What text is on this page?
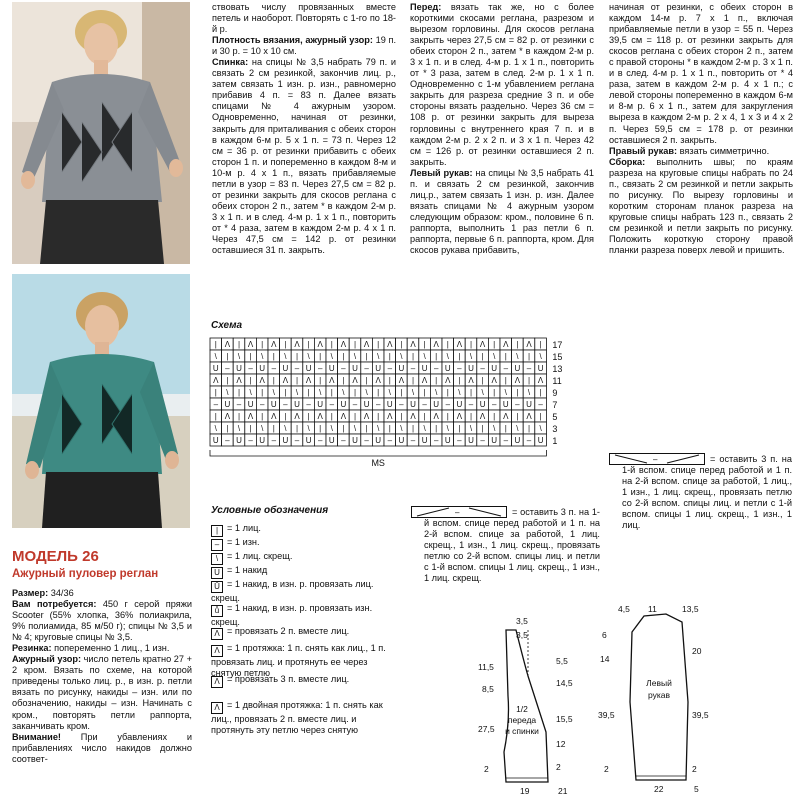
МОДЕЛЬ 26
Ажурный пуловер реглан

Размер: 34/36

Вам потребуется: 450 г серой пряжи Scooter (55% хлопка, 36% полиакрила, 9% полиамида, 85 м/50 г); спицы № 3,5 и № 4; круговые спицы № 3,5.

Резинка: попеременно 1 лиц., 1 изн.

Ажурный узор: число петель кратно 27 + 2 кром. Вязать по схеме, на которой приведены только лиц. р., в изн. р. петли вязать по рисунку, накиды – изн. или по обозначению, накиды – изн. Начинать с кром., повторять петли раппорта, заканчивать кром.

Внимание! При убавлениях и прибавлениях число накидов должно соответ-

ствовать числу провязанных вместе петель и наоборот. Повторять с 1-го по 18-й р.

Плотность вязания, ажурный узор: 19 п. и 30 р. = 10 х 10 см.

Спинка: на спицы № 3,5 набрать 79 п. и связать 2 см резинкой, закончив лиц. р., затем связать 1 изн. р. изн., равномерно прибавив 4 п. = 83 п. Далее вязать спицами № 4 ажурным узором. Одновременно, начиная от резинки, закрыть для приталивания с обеих сторон в каждом 6-м р. 5 х 1 п. = 73 п. Через 12 см = 36 р. от резинки прибавить с обеих сторон 1 п. и попеременно в каждом 8-м и 10-м р. 4 х 1 п., вязать прибавляемые петли в узор = 83 п. Через 27,5 см = 82 р. от резинки закрыть для скосов реглана с обеих сторон 2 п., затем * в каждом 2-м р. 3 х 1 п. и в след. 4-м р. 1 х 1 п., повторить от * 4 раза, затем в каждом 2-м р. 4 х 1 п. Через 47,5 см = 142 р. от резинки оставшиеся 31 п. закрыть.

Перед: вязать так же, но с более короткими скосами реглана, разрезом и вырезом горловины. Для скосов реглана закрыть через 27,5 см = 82 р. от резинки с обеих сторон 2 п., затем * в каждом 2-м р. 3 х 1 п. и в след. 4-м р. 1 х 1 п., повторить от * 3 раза, затем в след. 2-м р. 1 х 1 п. Одновременно с 1-м убавлением реглана закрыть для разреза средние 3 п. и обе стороны вязать раздельно. Через 36 см = 108 р. от резинки закрыть для выреза горловины с внутреннего края 7 п. и в каждом 2-м р. 2 х 2 п. и 3 х 1 п. Через 42 см = 126 р. от резинки оставшиеся 2 п. закрыть.

Левый рукав: на спицы № 3,5 набрать 41 п. и связать 2 см резинкой, закончив лиц.р., затем связать 1 изн. р. изн. Далее вязать спицами № 4 ажурным узором следующим образом: кром., половине 6 п. раппорта, выполнить 1 раз петли 6 п. раппорта, первые 6 п. раппорта, кром. Для скосов рукава прибавить,

начиная от резинки, с обеих сторон в каждом 14-м р. 7 х 1 п., включая прибавляемые петли в узор = 55 п. Через 39,5 см = 118 р. от резинки закрыть для скосов реглана с обеих сторон 2 п., затем с правой стороны * в каждом 2-м р. 3 х 1 п. и в след. 4-м р. 1 х 1 п., повторить от * 4 раза, затем в каждом 2-м р. 4 х 1 п.; с левой стороны попеременно в каждом 6-м и 8-м р. 6 х 1 п., затем для закругления выреза в каждом 2-м р. 2 х 4, 1 х 3 и 4 х 2 п. Через 59,5 см = 178 р. от резинки оставшиеся 2 п. закрыть.

Правый рукав: вязать симметрично.

Сборка: выполнить швы; по краям разреза на круговые спицы набрать по 24 п., связать 2 см резинкой и петли закрыть по рисунку. По вырезу горловины и коротким сторонам планок разреза на круговые спицы набрать 123 п., связать 2 см резинкой и петли закрыть по рисунку. Положить короткую сторону правой планки разреза поверх левой и пришить.

Схема
| Λ | Λ | Λ | Λ | Λ | Λ | Λ | Λ | Λ | Λ | Λ | Λ | Λ | Λ |
\ | \ | \ | \ | \ | \ | \ | \ | \ | \ | \ | \ | \ | \ | \
U – U – U – U – U – U – U – U – U – U – U – U – U – U – U
Λ | Λ | Λ | Λ | Λ | Λ | Λ | Λ | Λ | Λ | Λ | Λ | Λ | Λ | Λ
| \ | \ | \ | \ | \ | \ | \ | \ | \ | \ | \ | \ | \ | \ |
– U – U – U – U – U – U – U – U – U – U – U – U – U – U –
| Λ | Λ | Λ | Λ | Λ | Λ | Λ | Λ | Λ | Λ | Λ | Λ | Λ | Λ |
\ | \ | \ | \ | \ | \ | \ | \ | \ | \ | \ | \ | \ | \ | \
U – U – U – U – U – U – U – U – U – U – U – U – U – U – U
17
15
13
11
9
7
5
3
1
MS
Условные обозначения
| = 1 лиц.
– = 1 изн.
\ = 1 лиц. скрещ.
U = 1 накид
Ū = 1 накид, в изн. р. провязать лиц. скрещ.
ů = 1 накид, в изн. р. провязать изн. скрещ.
Λ = провязать 2 п. вместе лиц.
Λ = 1 протяжка: 1 п. снять как лиц., 1 п. провязать лиц. и протянуть ее через снятую петлю
Λ = провязать 3 п. вместе лиц.
Λ = 1 двойная протяжка: 1 п. снять как лиц., провязать 2 п. вместе лиц. и протянуть эту петлю через снятую
–	= оставить 3 п. на 1-й вспом. спице перед работой и 1 п. на 2-й вспом. спице за работой, 1 лиц. скрещ., 1 изн., 1 лиц. скрещ., провязать петлю со 2-й вспом. спицы лиц. и петли с 1-й вспом. спицы 1 лиц. скрещ., 1 изн., 1 лиц. скрещ.
–	= оставить 3 п. на 1-й вспом. спице перед работой и 1 п. на 2-й вспом. спице за работой, 1 лиц., 1 изн., 1 лиц. скрещ., провязать петлю со 2-й вспом. спицы лиц. и петли с 1-й вспом. спицы 1 лиц. скрещ., 1 изн., 1 лиц.
3,5
3,5
11,5
8,5
27,5
2
5,5
14,5
15,5
12
2
19	21
1/2
переда
и спинки
4,5 11	13,5
6
14
39,5
2
20
39,5
2
22	5
Левый
рукав
